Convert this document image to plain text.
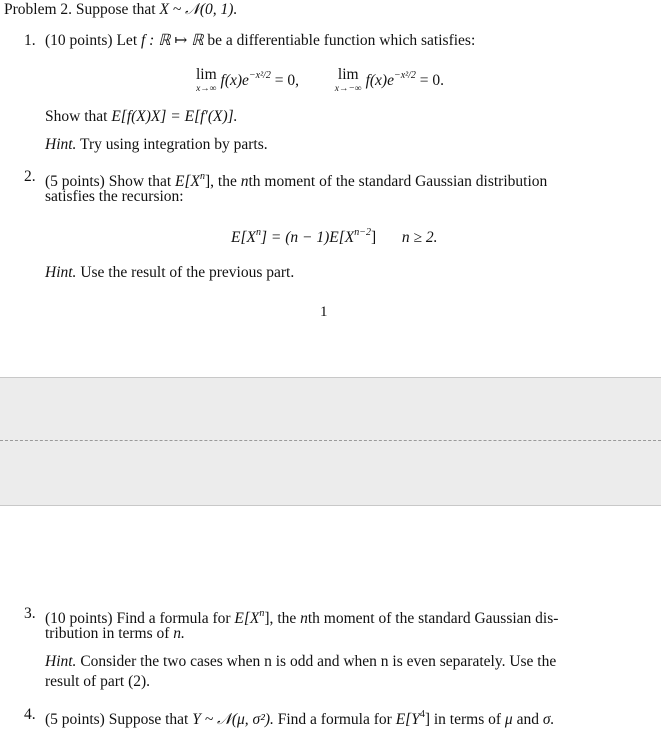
Problem 2. Suppose that X ~ 𝒩(0, 1).
1. (10 points) Let f : ℝ ↦ ℝ be a differentiable function which satisfies:
lim
x→∞ $f(x)e^{-x^2/2} = 0$,	lim
x→−∞ $f(x)e^{-x^2/2} = 0$.
Show that E[f(X)X] = E[f′(X)].
Hint. Try using integration by parts.
2. (5 points) Show that $E[X^n]$, the nth moment of the standard Gaussian distribution
satisfies the recursion:
$E[X^n] = (n - 1)E[X^{n-2}] n \ge 2$.
Hint. Use the result of the previous part.
1
3. (10 points) Find a formula for $E[X^n]$, the nth moment of the standard Gaussian dis-
tribution in terms of n.
Hint. Consider the two cases when n is odd and when n is even separately. Use the
result of part (2).
4. (5 points) Suppose that Y ~ 𝒩(μ, σ²). Find a formula for $E[Y^4]$ in terms of μ and σ.
